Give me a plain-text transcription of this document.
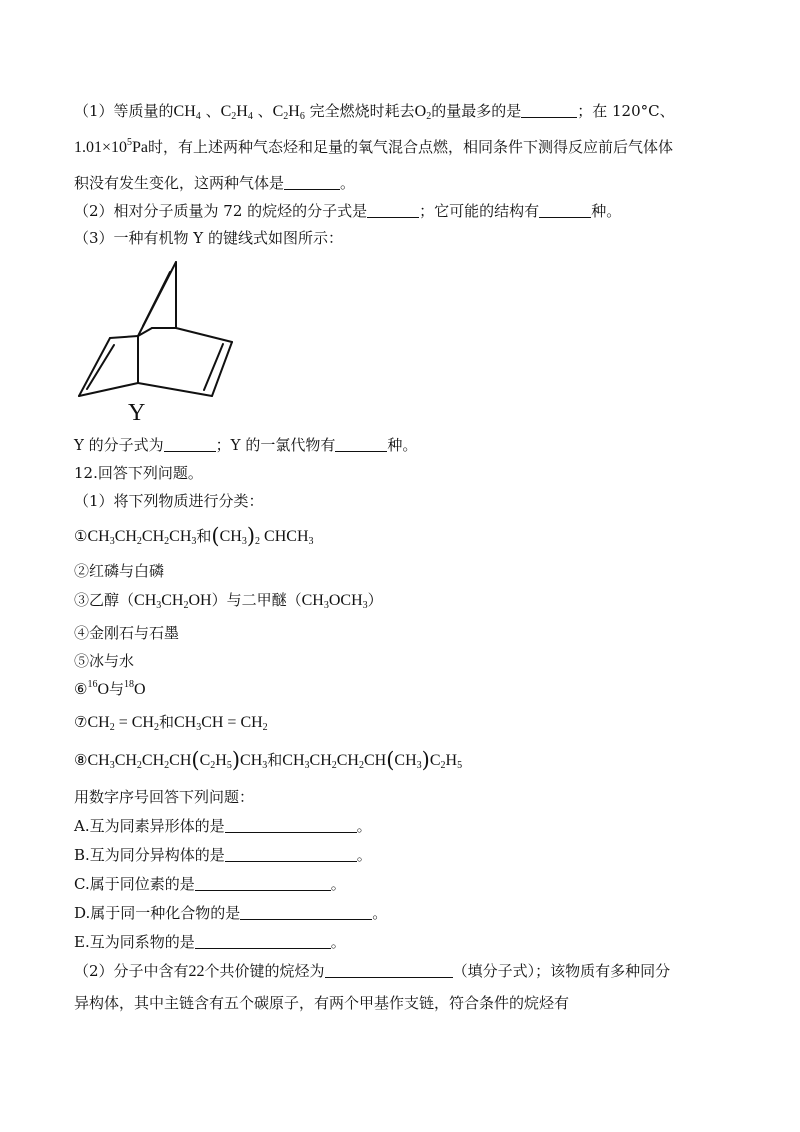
（1）等质量的$CH_4$ 、$C_2H_4$ 、$C_2H_6$ 完全燃烧时耗去$O_2$的量最多的是	；在 120°C、
$1.01\times 10^5Pa$时，有上述两种气态烃和足量的氧气混合点燃，相同条件下测得反应前后气体体
积没有发生变化，这两种气体是	。
（2）相对分子质量为 72 的烷烃的分子式是	；它可能的结构有	种。
（3）一种有机物 Y 的键线式如图所示：
Y
Y 的分子式为	；Y 的一氯代物有	种。
12.回答下列问题。
（1）将下列物质进行分类：
$①CH_3CH_2CH_2CH_3$和$(CH_3)_2$ $CHCH_3$
②红磷与白磷
③乙醇$(CH_3CH_2OH)$与二甲醚$(CH_3OCH_3)$
④金刚石与石墨
⑤冰与水
⑥$^{16}$O与$^{18}$O
$⑦CH_2 = CH_2$和$CH_3CH = CH_2$
$⑧CH_3CH_2CH_2CH(C_2H_5)CH_3$和$CH_3CH_2CH_2CH(CH_3)C_2H_5$
用数字序号回答下列问题：
A.互为同素异形体的是	。
B.互为同分异构体的是	。
C.属于同位素的是	。
D.属于同一种化合物的是	。
E.互为同系物的是	。
（2）分子中含有22个共价键的烷烃为	（填分子式）；该物质有多种同分
异构体，其中主链含有五个碳原子，有两个甲基作支链，符合条件的烷烃有
